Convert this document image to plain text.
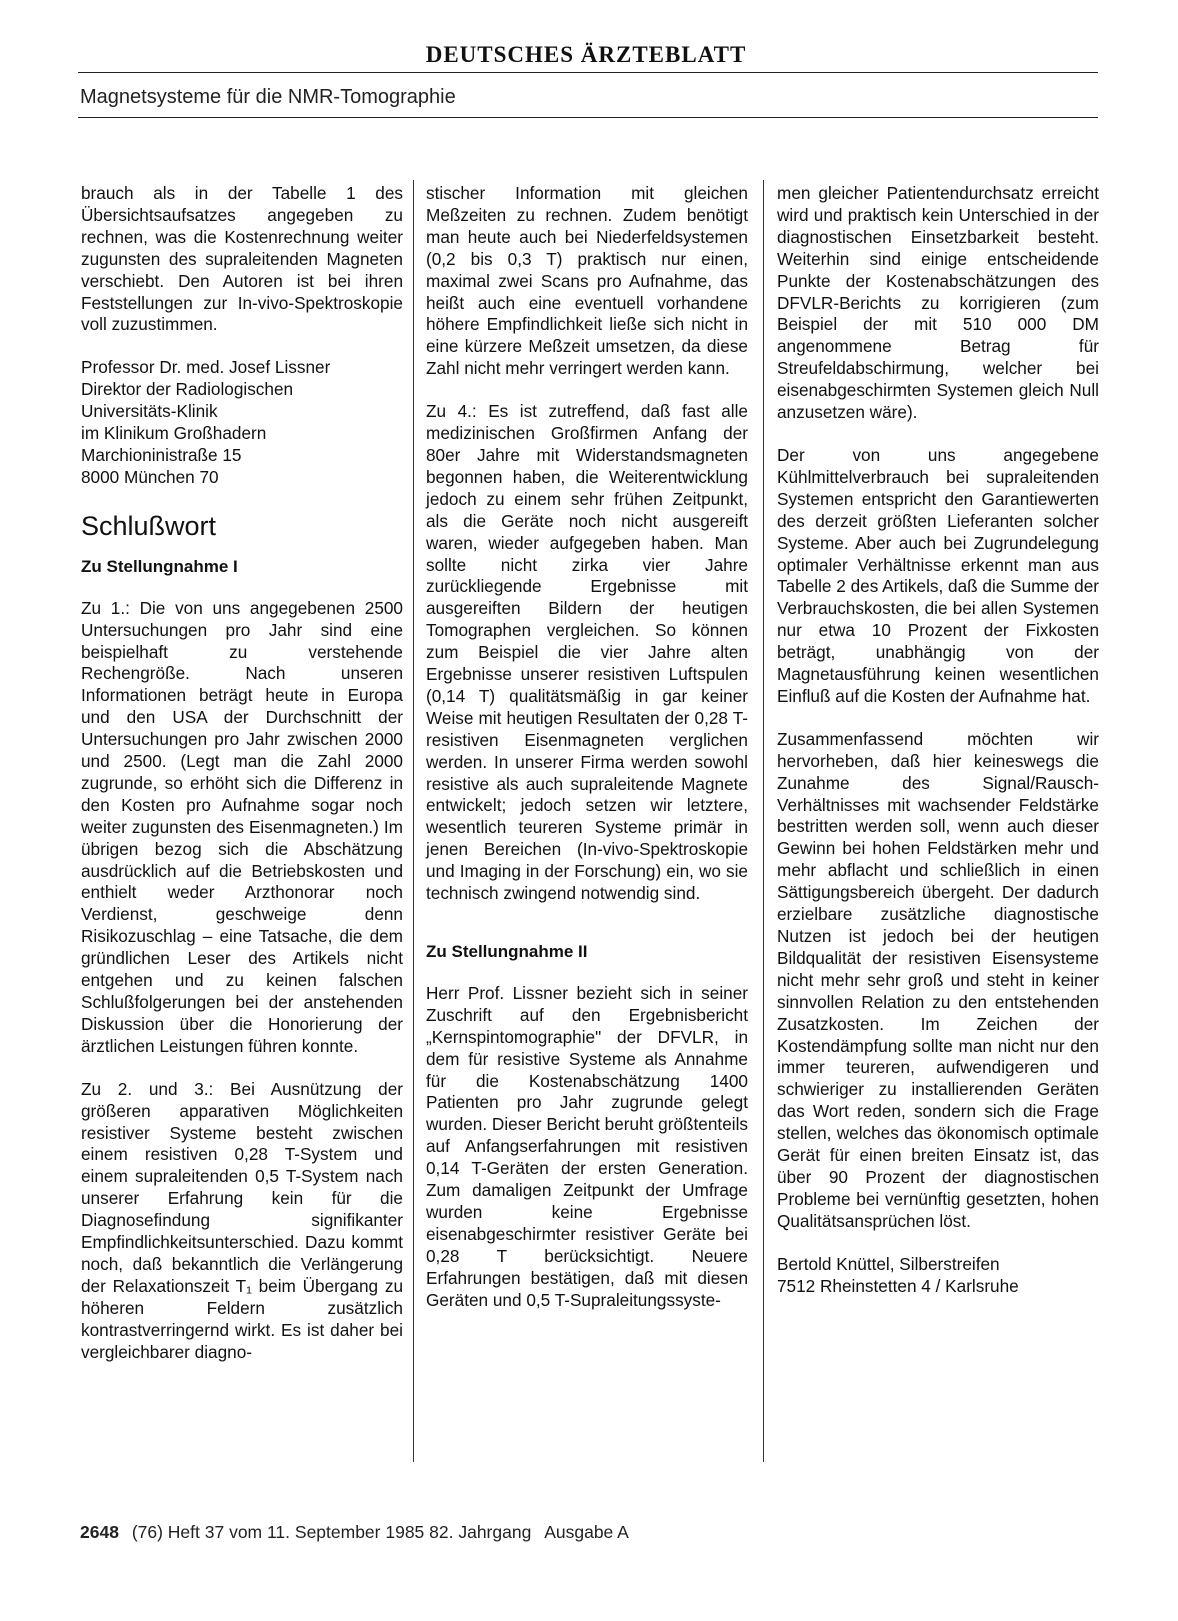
DEUTSCHES ÄRZTEBLATT
Magnetsysteme für die NMR-Tomographie

brauch als in der Tabelle 1 des Übersichtsaufsatzes angegeben zu rechnen, was die Kostenrechnung weiter zugunsten des supraleitenden Magneten verschiebt. Den Autoren ist bei ihren Feststellungen zur In-vivo-Spektroskopie voll zuzustimmen.

Professor Dr. med. Josef Lissner
Direktor der Radiologischen
Universitäts-Klinik
im Klinikum Großhadern
Marchioninistraße 15
8000 München 70

Schlußwort
Zu Stellungnahme I

Zu 1.: Die von uns angegebenen 2500 Untersuchungen pro Jahr sind eine beispielhaft zu verstehende Rechengröße. Nach unseren Informationen beträgt heute in Europa und den USA der Durchschnitt der Untersuchungen pro Jahr zwischen 2000 und 2500. (Legt man die Zahl 2000 zugrunde, so erhöht sich die Differenz in den Kosten pro Aufnahme sogar noch weiter zugunsten des Eisenmagneten.) Im übrigen bezog sich die Abschätzung ausdrücklich auf die Betriebskosten und enthielt weder Arzthonorar noch Verdienst, geschweige denn Risikozuschlag – eine Tatsache, die dem gründlichen Leser des Artikels nicht entgehen und zu keinen falschen Schlußfolgerungen bei der anstehenden Diskussion über die Honorierung der ärztlichen Leistungen führen konnte.

Zu 2. und 3.: Bei Ausnützung der größeren apparativen Möglichkeiten resistiver Systeme besteht zwischen einem resistiven 0,28 T-System und einem supraleitenden 0,5 T-System nach unserer Erfahrung kein für die Diagnosefindung signifikanter Empfindlichkeitsunterschied. Dazu kommt noch, daß bekanntlich die Verlängerung der Relaxationszeit T₁ beim Übergang zu höheren Feldern zusätzlich kontrastverringernd wirkt. Es ist daher bei vergleichbarer diagno-

stischer Information mit gleichen Meßzeiten zu rechnen. Zudem benötigt man heute auch bei Niederfeldsystemen (0,2 bis 0,3 T) praktisch nur einen, maximal zwei Scans pro Aufnahme, das heißt auch eine eventuell vorhandene höhere Empfindlichkeit ließe sich nicht in eine kürzere Meßzeit umsetzen, da diese Zahl nicht mehr verringert werden kann.

Zu 4.: Es ist zutreffend, daß fast alle medizinischen Großfirmen Anfang der 80er Jahre mit Widerstandsmagneten begonnen haben, die Weiterentwicklung jedoch zu einem sehr frühen Zeitpunkt, als die Geräte noch nicht ausgereift waren, wieder aufgegeben haben. Man sollte nicht zirka vier Jahre zurückliegende Ergebnisse mit ausgereiften Bildern der heutigen Tomographen vergleichen. So können zum Beispiel die vier Jahre alten Ergebnisse unserer resistiven Luftspulen (0,14 T) qualitätsmäßig in gar keiner Weise mit heutigen Resultaten der 0,28 T-resistiven Eisenmagneten verglichen werden. In unserer Firma werden sowohl resistive als auch supraleitende Magnete entwickelt; jedoch setzen wir letztere, wesentlich teureren Systeme primär in jenen Bereichen (In-vivo-Spektroskopie und Imaging in der Forschung) ein, wo sie technisch zwingend notwendig sind.

Zu Stellungnahme II

Herr Prof. Lissner bezieht sich in seiner Zuschrift auf den Ergebnisbericht „Kernspintomographie" der DFVLR, in dem für resistive Systeme als Annahme für die Kostenabschätzung 1400 Patienten pro Jahr zugrunde gelegt wurden. Dieser Bericht beruht größtenteils auf Anfangserfahrungen mit resistiven 0,14 T-Geräten der ersten Generation. Zum damaligen Zeitpunkt der Umfrage wurden keine Ergebnisse eisenabgeschirmter resistiver Geräte bei 0,28 T berücksichtigt. Neuere Erfahrungen bestätigen, daß mit diesen Geräten und 0,5 T-Supraleitungssyste-

men gleicher Patientendurchsatz erreicht wird und praktisch kein Unterschied in der diagnostischen Einsetzbarkeit besteht. Weiterhin sind einige entscheidende Punkte der Kostenabschätzungen des DFVLR-Berichts zu korrigieren (zum Beispiel der mit 510 000 DM angenommene Betrag für Streufeldabschirmung, welcher bei eisenabgeschirmten Systemen gleich Null anzusetzen wäre).

Der von uns angegebene Kühlmittelverbrauch bei supraleitenden Systemen entspricht den Garantiewerten des derzeit größten Lieferanten solcher Systeme. Aber auch bei Zugrundelegung optimaler Verhältnisse erkennt man aus Tabelle 2 des Artikels, daß die Summe der Verbrauchskosten, die bei allen Systemen nur etwa 10 Prozent der Fixkosten beträgt, unabhängig von der Magnetausführung keinen wesentlichen Einfluß auf die Kosten der Aufnahme hat.

Zusammenfassend möchten wir hervorheben, daß hier keineswegs die Zunahme des Signal/Rausch-Verhältnisses mit wachsender Feldstärke bestritten werden soll, wenn auch dieser Gewinn bei hohen Feldstärken mehr und mehr abflacht und schließlich in einen Sättigungsbereich übergeht. Der dadurch erzielbare zusätzliche diagnostische Nutzen ist jedoch bei der heutigen Bildqualität der resistiven Eisensysteme nicht mehr sehr groß und steht in keiner sinnvollen Relation zu den entstehenden Zusatzkosten. Im Zeichen der Kostendämpfung sollte man nicht nur den immer teureren, aufwendigeren und schwieriger zu installierenden Geräten das Wort reden, sondern sich die Frage stellen, welches das ökonomisch optimale Gerät für einen breiten Einsatz ist, das über 90 Prozent der diagnostischen Probleme bei vernünftig gesetzten, hohen Qualitätsansprüchen löst.

Bertold Knüttel, Silberstreifen
7512 Rheinstetten 4 / Karlsruhe

2648 (76) Heft 37 vom 11. September 1985 82. Jahrgang Ausgabe A
